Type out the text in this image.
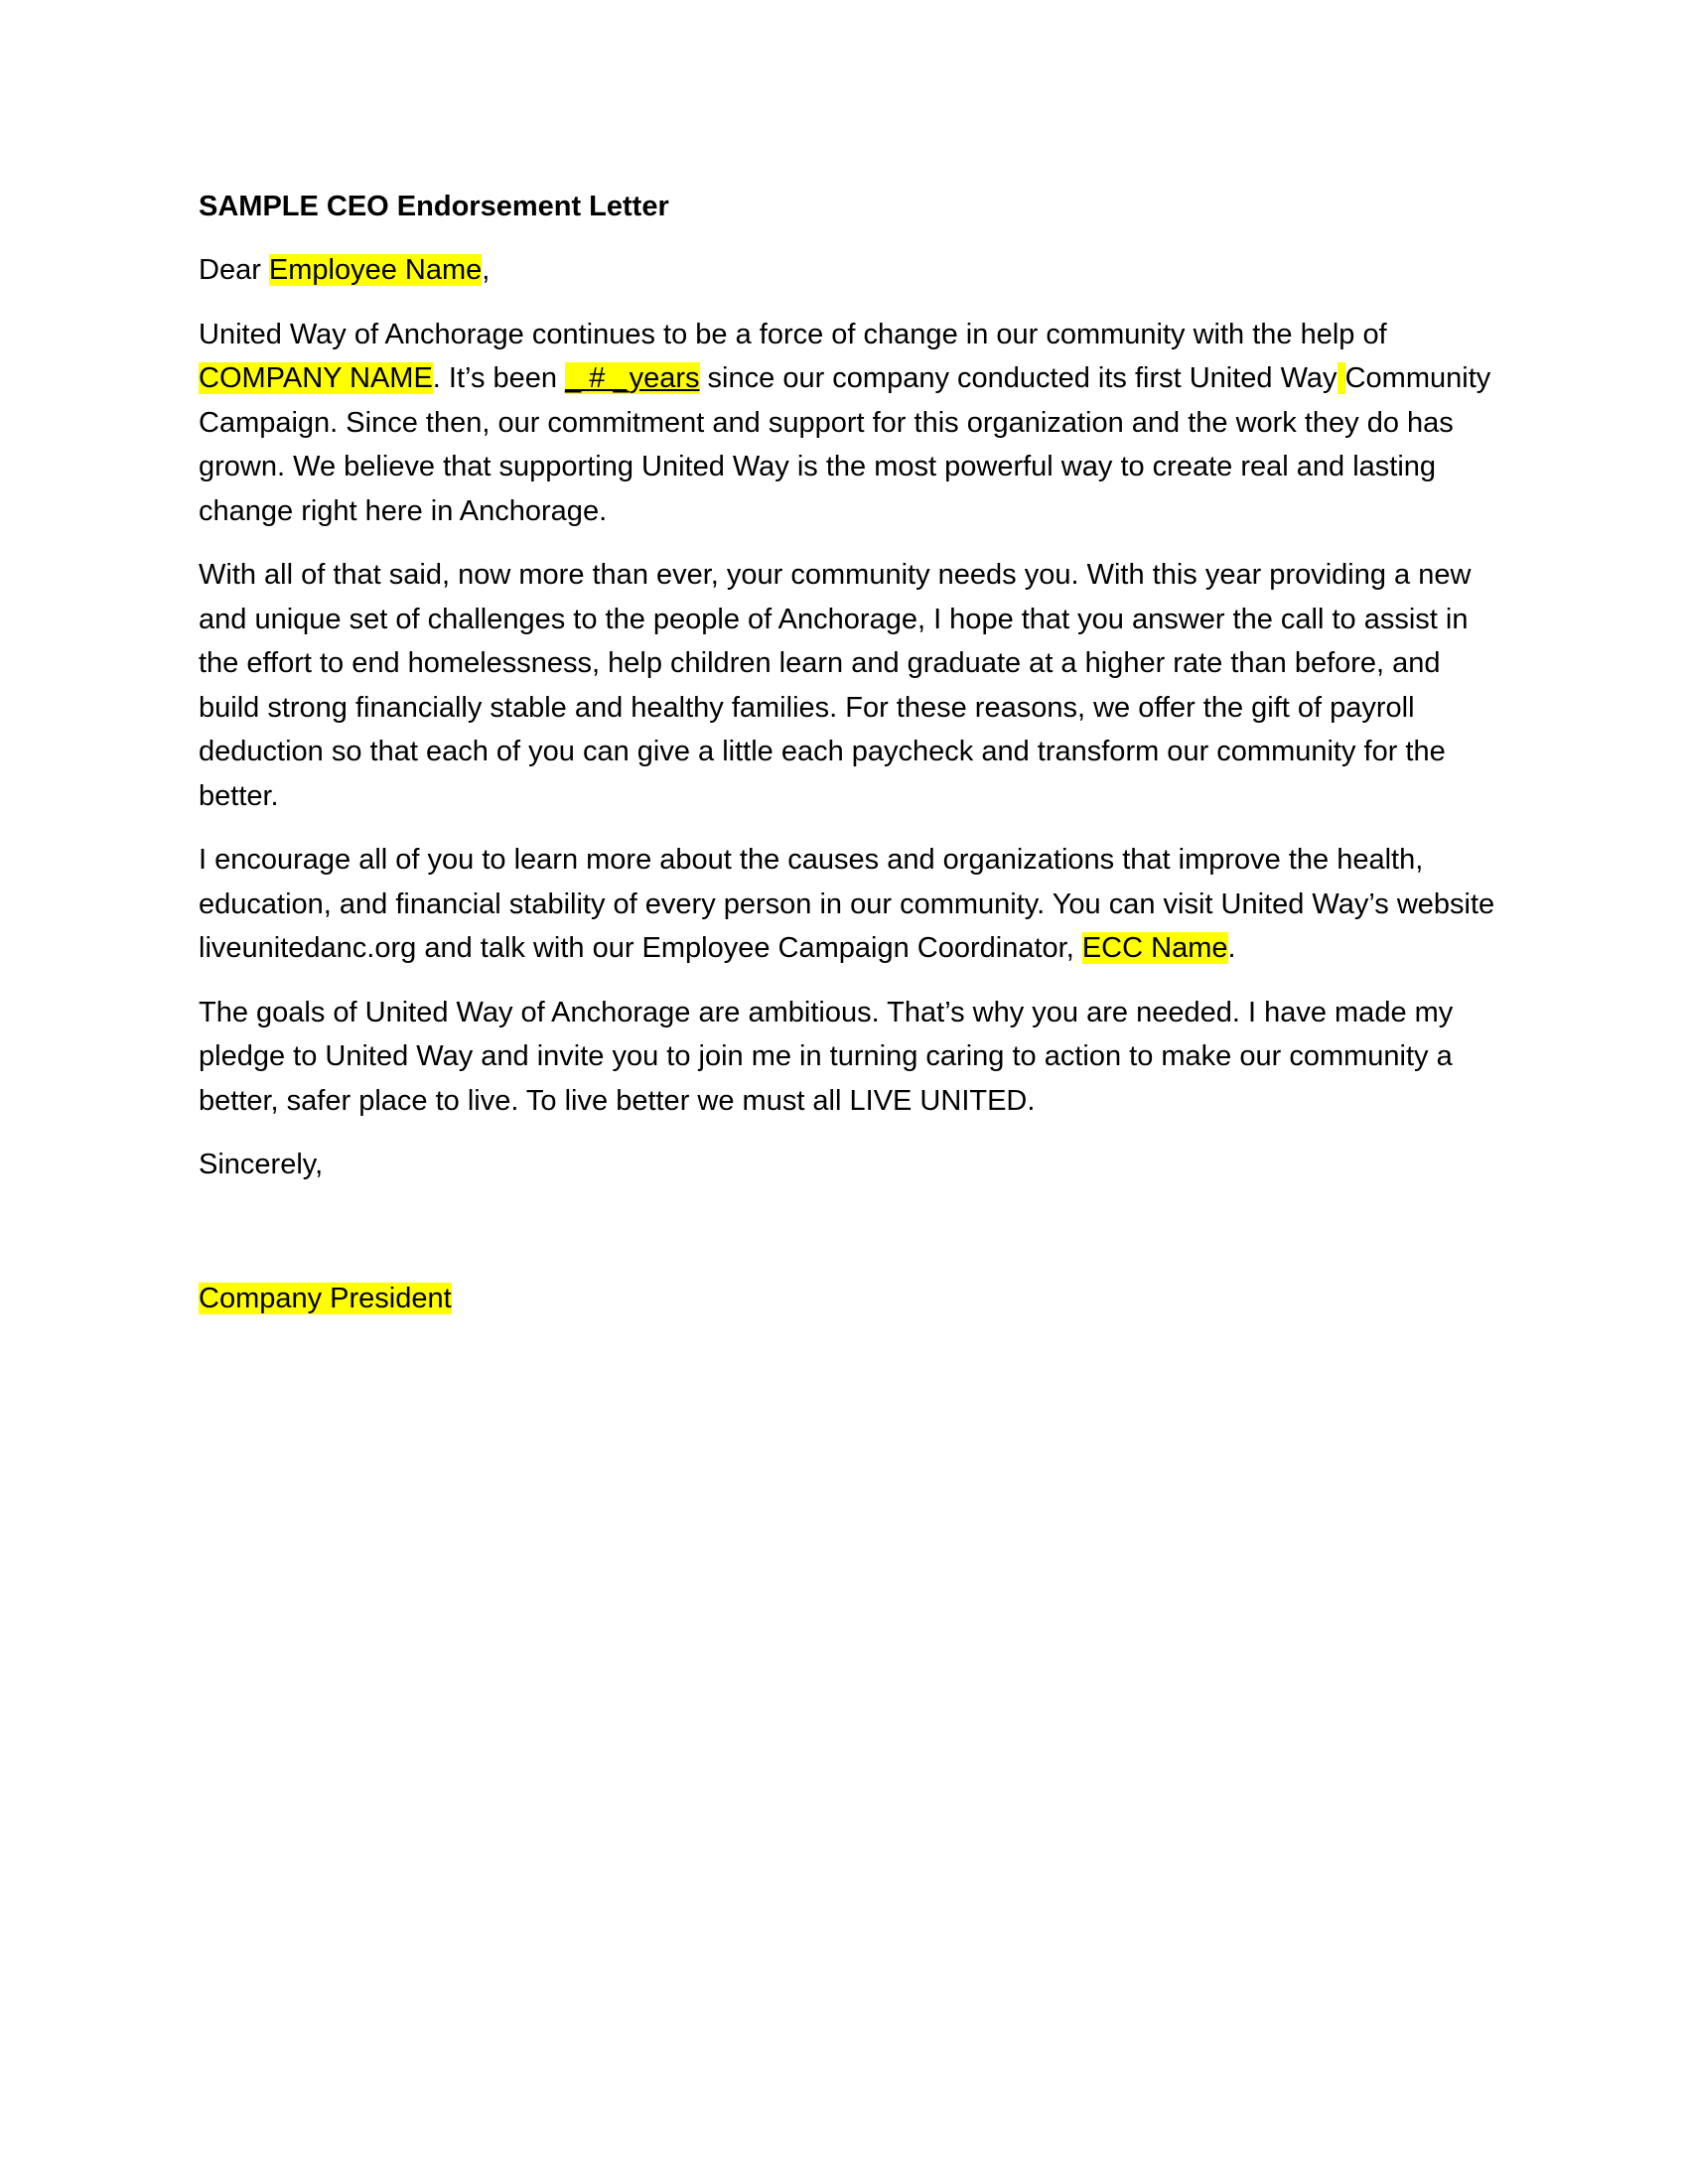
SAMPLE CEO Endorsement Letter

Dear Employee Name,

United Way of Anchorage continues to be a force of change in our community with the help of COMPANY NAME. It’s been _ # _years since our company conducted its first United Way Community Campaign. Since then, our commitment and support for this organization and the work they do has grown. We believe that supporting United Way is the most powerful way to create real and lasting change right here in Anchorage.

With all of that said, now more than ever, your community needs you. With this year providing a new and unique set of challenges to the people of Anchorage, I hope that you answer the call to assist in the effort to end homelessness, help children learn and graduate at a higher rate than before, and build strong financially stable and healthy families. For these reasons, we offer the gift of payroll deduction so that each of you can give a little each paycheck and transform our community for the better.

I encourage all of you to learn more about the causes and organizations that improve the health, education, and financial stability of every person in our community. You can visit United Way’s website liveunitedanc.org and talk with our Employee Campaign Coordinator, ECC Name.

The goals of United Way of Anchorage are ambitious. That’s why you are needed. I have made my pledge to United Way and invite you to join me in turning caring to action to make our community a better, safer place to live. To live better we must all LIVE UNITED.

Sincerely,

Company President
